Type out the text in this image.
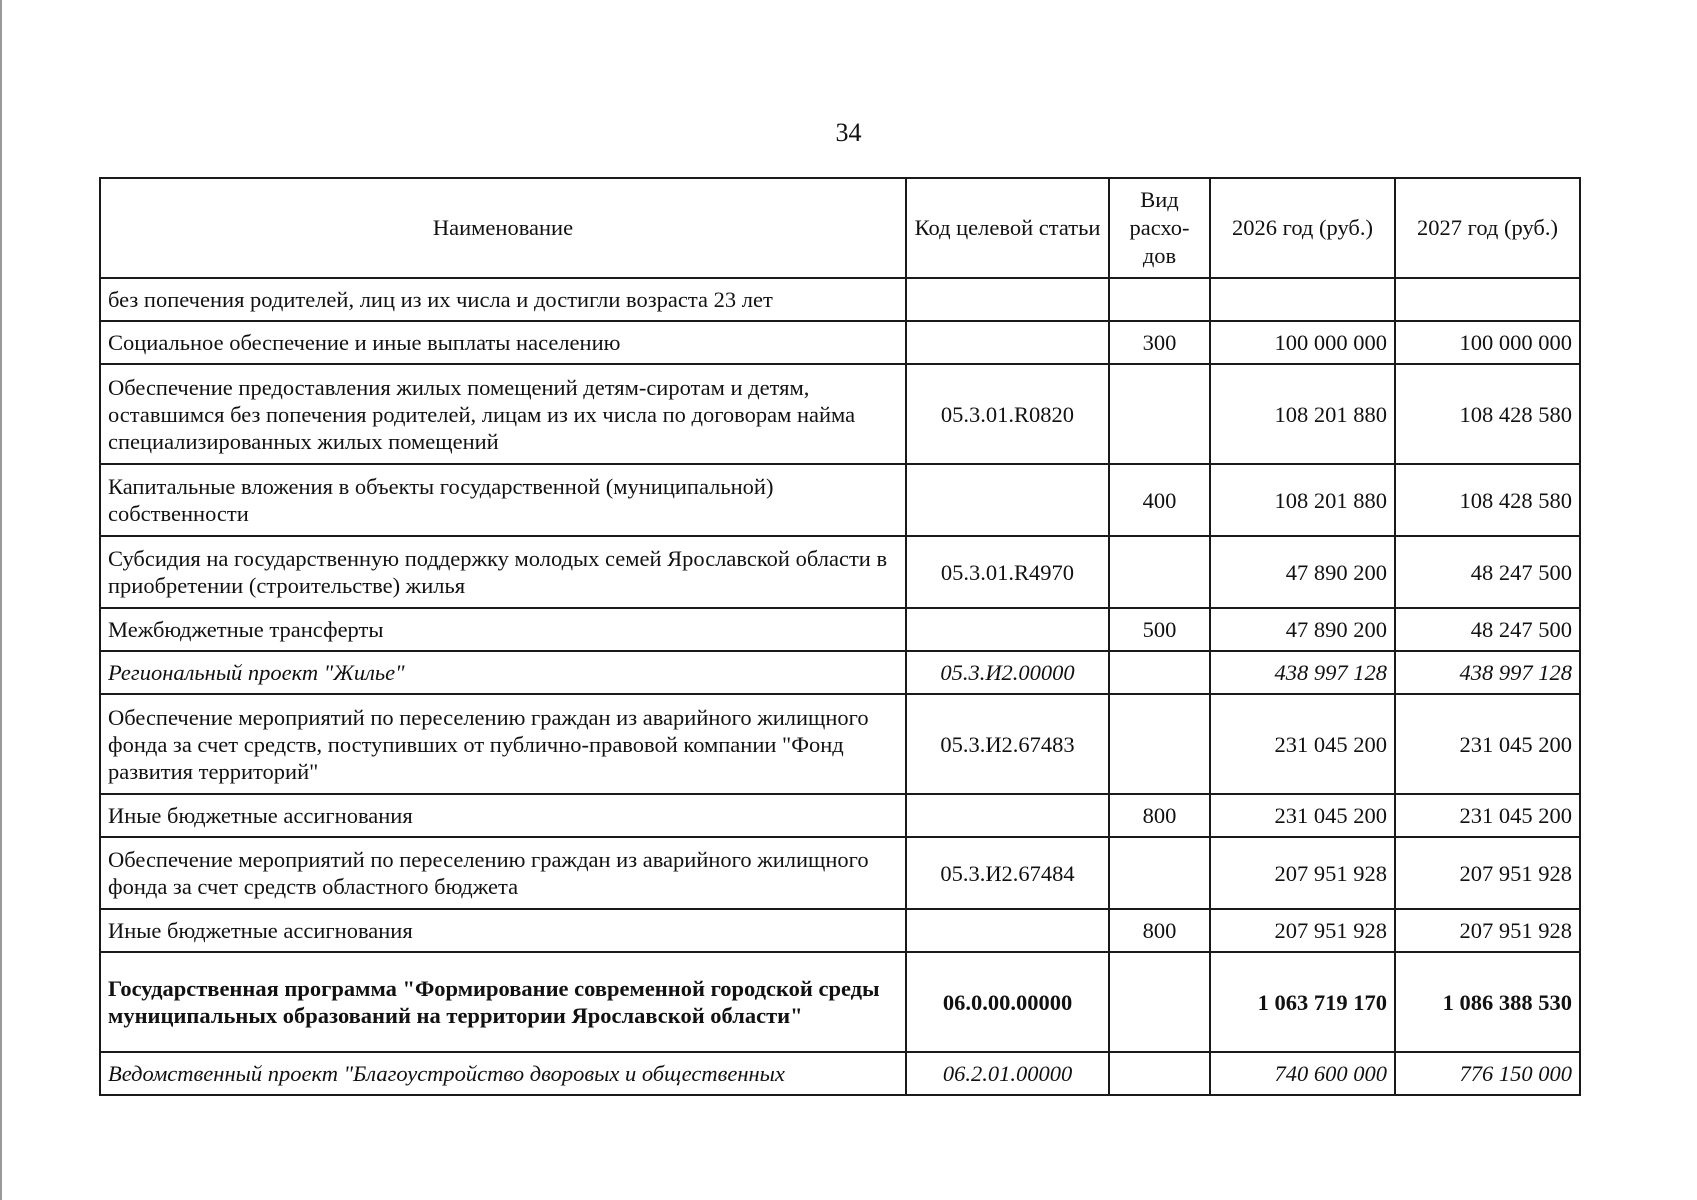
34
Наименование	Код целевой статьи	Вид расхо-дов	2026 год (руб.)	2027 год (руб.)
без попечения родителей, лиц из их числа и достигли возраста 23 лет				
Социальное обеспечение и иные выплаты населению		300	100 000 000	100 000 000
Обеспечение предоставления жилых помещений детям-сиротам и детям, оставшимся без попечения родителей, лицам из их числа по договорам найма специализированных жилых помещений	05.3.01.R0820		108 201 880	108 428 580
Капитальные вложения в объекты государственной (муниципальной) собственности		400	108 201 880	108 428 580
Субсидия на государственную поддержку молодых семей Ярославской области в приобретении (строительстве) жилья	05.3.01.R4970		47 890 200	48 247 500
Межбюджетные трансферты		500	47 890 200	48 247 500
Региональный проект "Жилье"	05.3.И2.00000		438 997 128	438 997 128
Обеспечение мероприятий по переселению граждан из аварийного жилищного фонда за счет средств, поступивших от публично-правовой компании "Фонд развития территорий"	05.3.И2.67483		231 045 200	231 045 200
Иные бюджетные ассигнования		800	231 045 200	231 045 200
Обеспечение мероприятий по переселению граждан из аварийного жилищного фонда за счет средств областного бюджета	05.3.И2.67484		207 951 928	207 951 928
Иные бюджетные ассигнования		800	207 951 928	207 951 928
Государственная программа "Формирование современной городской среды муниципальных образований на территории Ярославской области"	06.0.00.00000		1 063 719 170	1 086 388 530
Ведомственный проект "Благоустройство дворовых и общественных	06.2.01.00000		740 600 000	776 150 000
